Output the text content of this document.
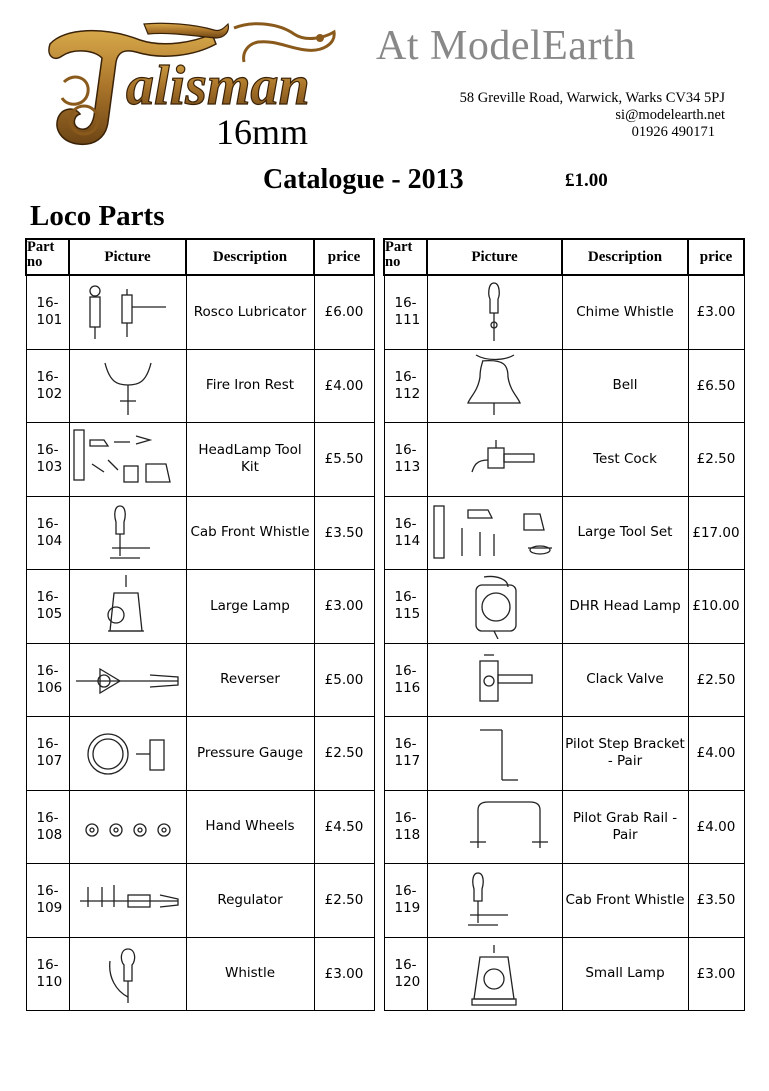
alisman
16mm
At ModelEarth
58 Greville Road, Warwick, Warks CV34 5PJ
si@modelearth.net
01926 490171
Catalogue - 2013	£1.00
Loco Parts
Part
no	Picture	Description	price
16-
101		Rosco Lubricator	£6.00
16-
102		Fire Iron Rest	£4.00
16-
103		HeadLamp Tool Kit	£5.50
16-
104		Cab Front Whistle	£3.50
16-
105		Large Lamp	£3.00
16-
106		Reverser	£5.00
16-
107		Pressure Gauge	£2.50
16-
108		Hand Wheels	£4.50
16-
109		Regulator	£2.50
16-
110		Whistle	£3.00
Part
no	Picture	Description	price
16-
111		Chime Whistle	£3.00
16-
112		Bell	£6.50
16-
113		Test Cock	£2.50
16-
114		Large Tool Set	£17.00
16-
115		DHR Head Lamp	£10.00
16-
116		Clack Valve	£2.50
16-
117		Pilot Step Bracket - Pair	£4.00
16-
118		Pilot Grab Rail - Pair	£4.00
16-
119		Cab Front Whistle	£3.50
16-
120		Small Lamp	£3.00
